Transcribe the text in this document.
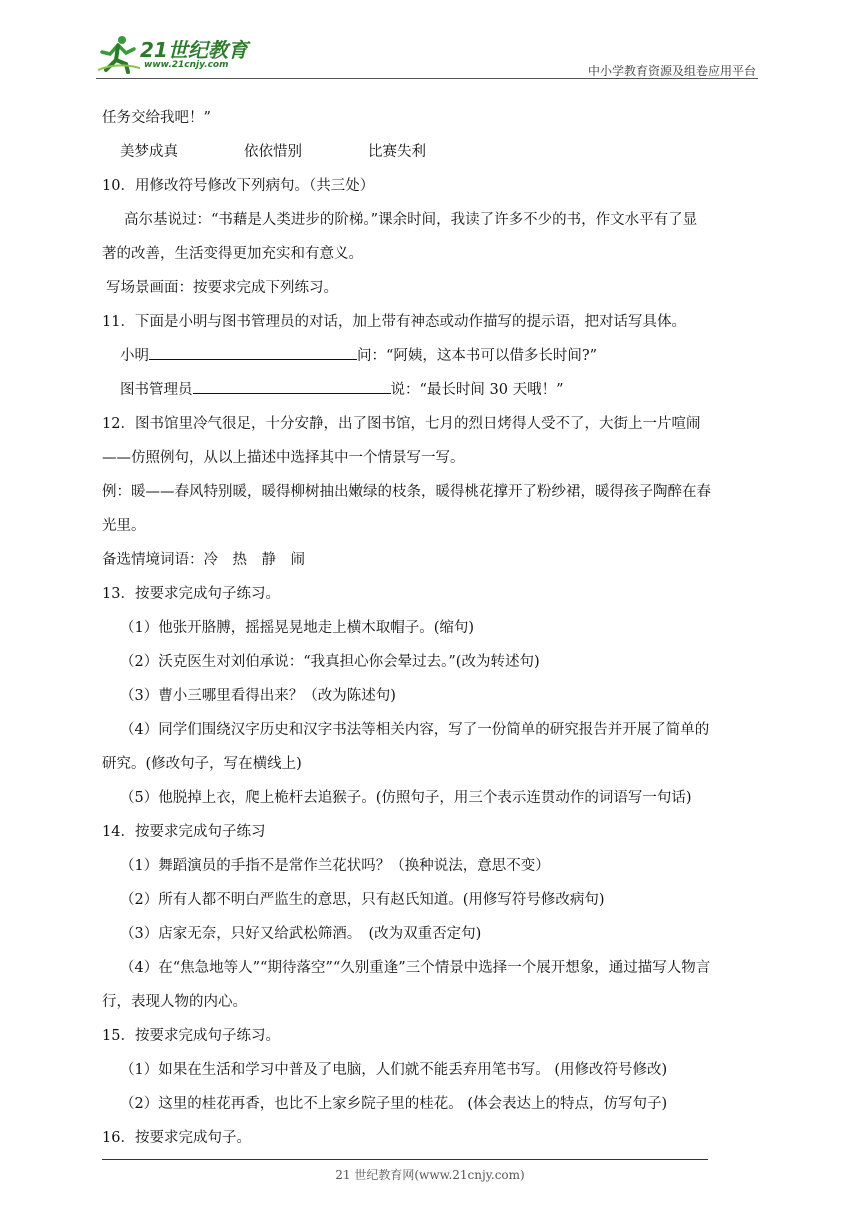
21世纪教育
www.21cnjy.com	中小学教育资源及组卷应用平台
任务交给我吧！”
美梦成真	依依惜别	比赛失利
10．用修改符号修改下列病句。（共三处）
高尔基说过：“书藉是人类进步的阶梯。”课余时间，我读了许多不少的书，作文水平有了显
著的改善，生活变得更加充实和有意义。
写场景画面：按要求完成下列练习。
11．下面是小明与图书管理员的对话，加上带有神态或动作描写的提示语，把对话写具体。
小明	问：“阿姨，这本书可以借多长时间?”
图书管理员	说：“最长时间 30 天哦！”
12．图书馆里冷气很足，十分安静，出了图书馆，七月的烈日烤得人受不了，大街上一片喧闹
——仿照例句，从以上描述中选择其中一个情景写一写。
例：暖——春风特别暖，暖得柳树抽出嫩绿的枝条，暖得桃花撑开了粉纱裙，暖得孩子陶醉在春
光里。
备选情境词语：冷　热　静　闹
13．按要求完成句子练习。
（1）他张开胳膊，摇摇晃晃地走上横木取帽子。(缩句)
（2）沃克医生对刘伯承说：“我真担心你会晕过去。”(改为转述句)
（3）曹小三哪里看得出来？（改为陈述句)
（4）同学们围绕汉字历史和汉字书法等相关内容，写了一份简单的研究报告并开展了简单的
研究。(修改句子，写在横线上)
（5）他脱掉上衣，爬上桅杆去追猴子。(仿照句子，用三个表示连贯动作的词语写一句话)
14．按要求完成句子练习
（1）舞蹈演员的手指不是常作兰花状吗？（换种说法，意思不变）
（2）所有人都不明白严监生的意思，只有赵氏知道。(用修写符号修改病句)
（3）店家无奈，只好又给武松筛酒。　(改为双重否定句)
（4）在“焦急地等人”“期待落空”“久别重逢”三个情景中选择一个展开想象，通过描写人物言
行，表现人物的内心。
15．按要求完成句子练习。
（1）如果在生活和学习中普及了电脑，人们就不能丢弃用笔书写。 (用修改符号修改)
（2）这里的桂花再香，也比不上家乡院子里的桂花。 (体会表达上的特点，仿写句子)
16．按要求完成句子。
21 世纪教育网(www.21cnjy.com)
